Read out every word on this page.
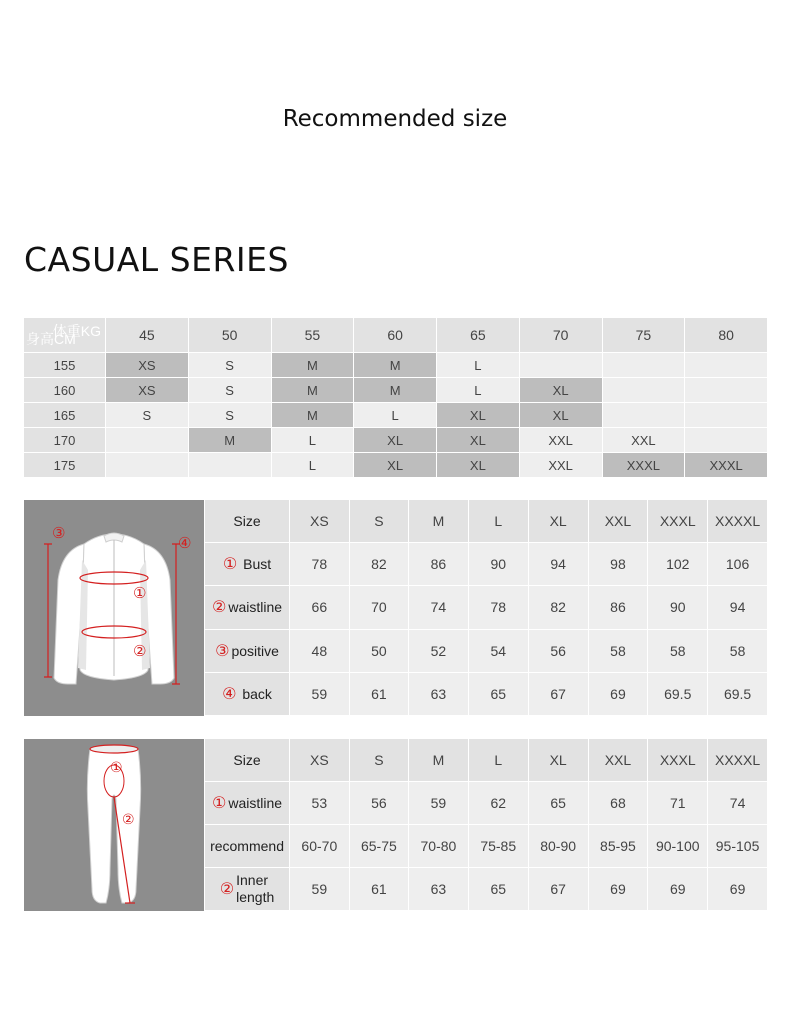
Recommended size
CASUAL SERIES
体重KG
身高CM	45	50	55	60	65	70	75	80
155	XS	S	M	M	L			
160	XS	S	M	M	L	XL		
165	S	S	M	L	XL	XL		
170		M	L	XL	XL	XXL	XXL	
175			L	XL	XL	XXL	XXXL	XXXL
③
④
①
②
Size	XS	S	M	L	XL	XXL	XXXL	XXXXL
① Bust	78	82	86	90	94	98	102	106
② waistline	66	70	74	78	82	86	90	94
③ positive	48	50	52	54	56	58	58	58
④ back	59	61	63	65	67	69	69.5	69.5
①
②
Size	XS	S	M	L	XL	XXL	XXXL	XXXXL
① waistline	53	56	59	62	65	68	71	74
recommend	60-70	65-75	70-80	75-85	80-90	85-95	90-100	95-105
②Inner
length	59	61	63	65	67	69	69	69
